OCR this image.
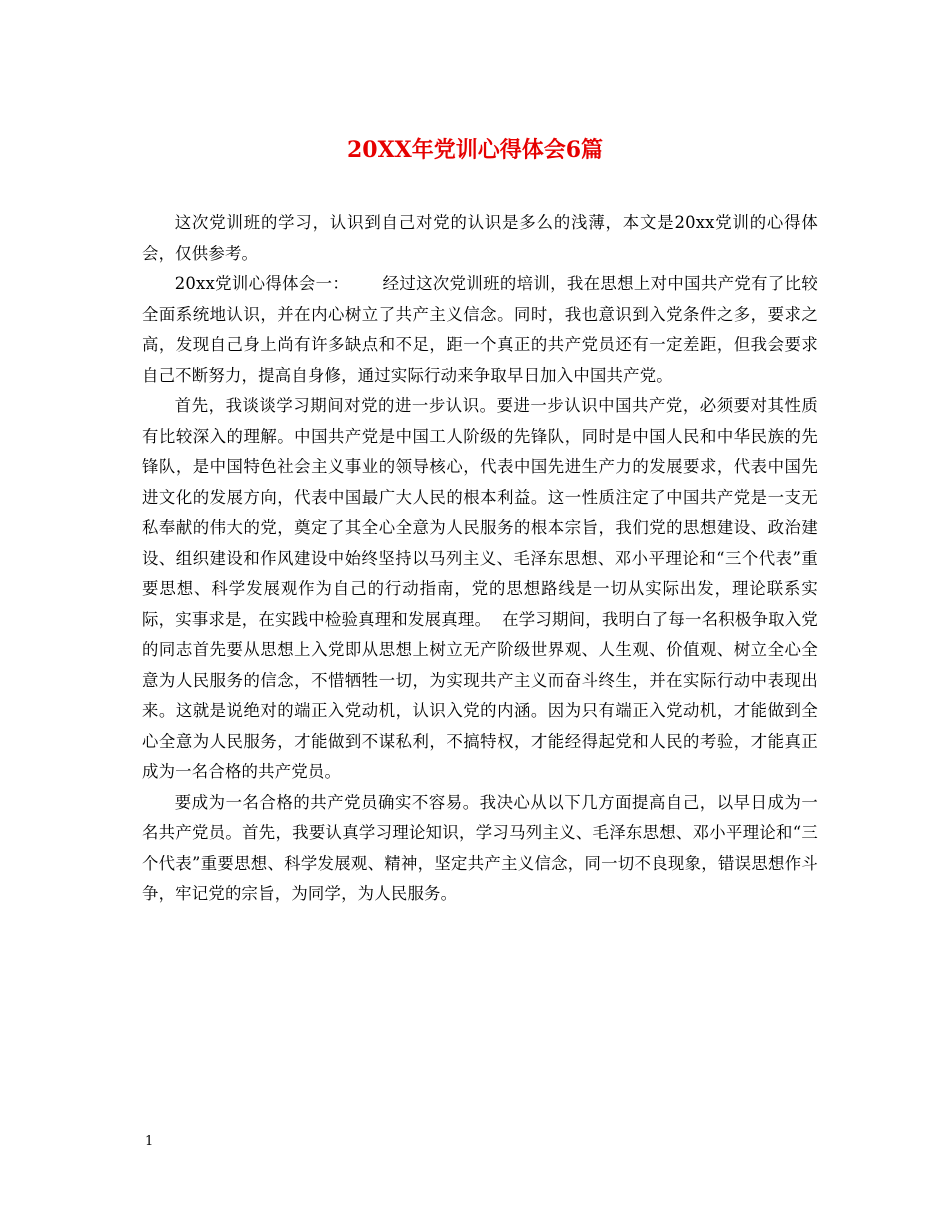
20XX年党训心得体会6篇

这次党训班的学习，认识到自己对党的认识是多么的浅薄，本文是20xx党训的心得体会，仅供参考。

20xx党训心得体会一：      经过这次党训班的培训，我在思想上对中国共产党有了比较全面系统地认识，并在内心树立了共产主义信念。同时，我也意识到入党条件之多，要求之高，发现自己身上尚有许多缺点和不足，距一个真正的共产党员还有一定差距，但我会要求自己不断努力，提高自身修，通过实际行动来争取早日加入中国共产党。

首先，我谈谈学习期间对党的进一步认识。要进一步认识中国共产党，必须要对其性质有比较深入的理解。中国共产党是中国工人阶级的先锋队，同时是中国人民和中华民族的先锋队，是中国特色社会主义事业的领导核心，代表中国先进生产力的发展要求，代表中国先进文化的发展方向，代表中国最广大人民的根本利益。这一性质注定了中国共产党是一支无私奉献的伟大的党，奠定了其全心全意为人民服务的根本宗旨，我们党的思想建设、政治建设、组织建设和作风建设中始终坚持以马列主义、毛泽东思想、邓小平理论和“三个代表”重要思想、科学发展观作为自己的行动指南，党的思想路线是一切从实际出发，理论联系实际，实事求是，在实践中检验真理和发展真理。  在学习期间，我明白了每一名积极争取入党的同志首先要从思想上入党即从思想上树立无产阶级世界观、人生观、价值观、树立全心全意为人民服务的信念，不惜牺牲一切，为实现共产主义而奋斗终生，并在实际行动中表现出来。这就是说绝对的端正入党动机，认识入党的内涵。因为只有端正入党动机，才能做到全心全意为人民服务，才能做到不谋私利，不搞特权，才能经得起党和人民的考验，才能真正成为一名合格的共产党员。

要成为一名合格的共产党员确实不容易。我决心从以下几方面提高自己，以早日成为一名共产党员。首先，我要认真学习理论知识，学习马列主义、毛泽东思想、邓小平理论和“三个代表”重要思想、科学发展观、精神，坚定共产主义信念，同一切不良现象，错误思想作斗争，牢记党的宗旨，为同学，为人民服务。

1
